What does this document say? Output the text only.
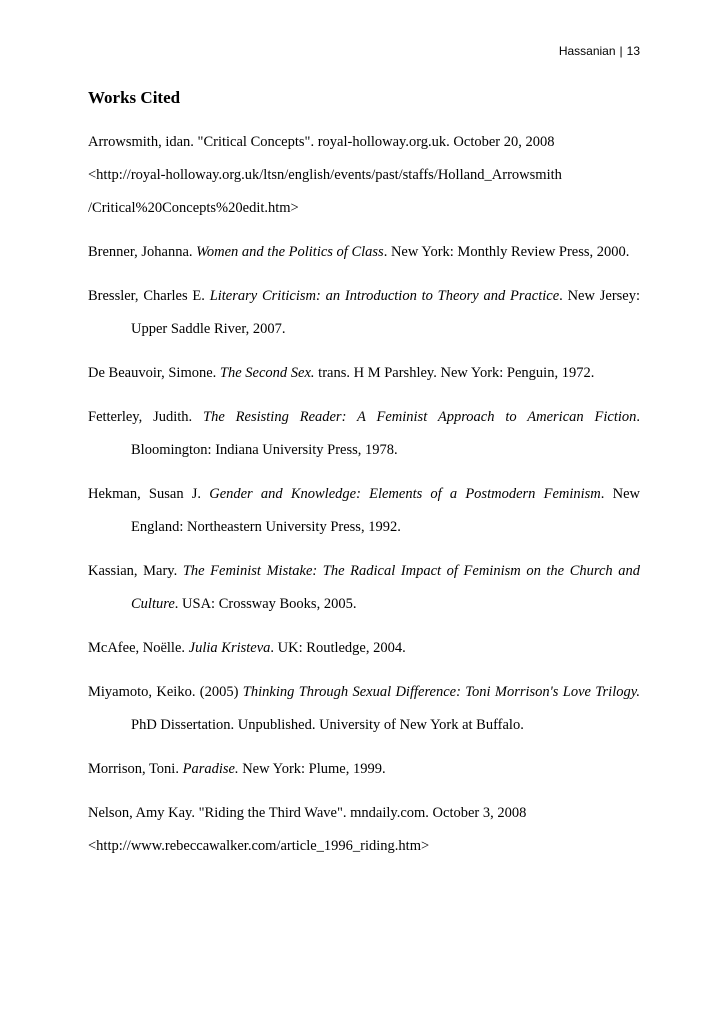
Hassanian | 13
Works Cited

Arrowsmith, idan. "Critical Concepts". royal-holloway.org.uk. October 20, 2008
<http://royal-holloway.org.uk/ltsn/english/events/past/staffs/Holland_Arrowsmith
/Critical%20Concepts%20edit.htm>

Brenner, Johanna. Women and the Politics of Class. New York: Monthly Review Press, 2000.

Bressler, Charles E. Literary Criticism: an Introduction to Theory and Practice. New Jersey: Upper Saddle River, 2007.

De Beauvoir, Simone. The Second Sex. trans. H M Parshley. New York: Penguin, 1972.

Fetterley, Judith. The Resisting Reader: A Feminist Approach to American Fiction. Bloomington: Indiana University Press, 1978.

Hekman, Susan J. Gender and Knowledge: Elements of a Postmodern Feminism. New England: Northeastern University Press, 1992.

Kassian, Mary. The Feminist Mistake: The Radical Impact of Feminism on the Church and Culture. USA: Crossway Books, 2005.

McAfee, Noëlle. Julia Kristeva. UK: Routledge, 2004.

Miyamoto, Keiko. (2005) Thinking Through Sexual Difference: Toni Morrison's Love Trilogy. PhD Dissertation. Unpublished. University of New York at Buffalo.

Morrison, Toni. Paradise. New York: Plume, 1999.

Nelson, Amy Kay. "Riding the Third Wave". mndaily.com. October 3, 2008
<http://www.rebeccawalker.com/article_1996_riding.htm>
